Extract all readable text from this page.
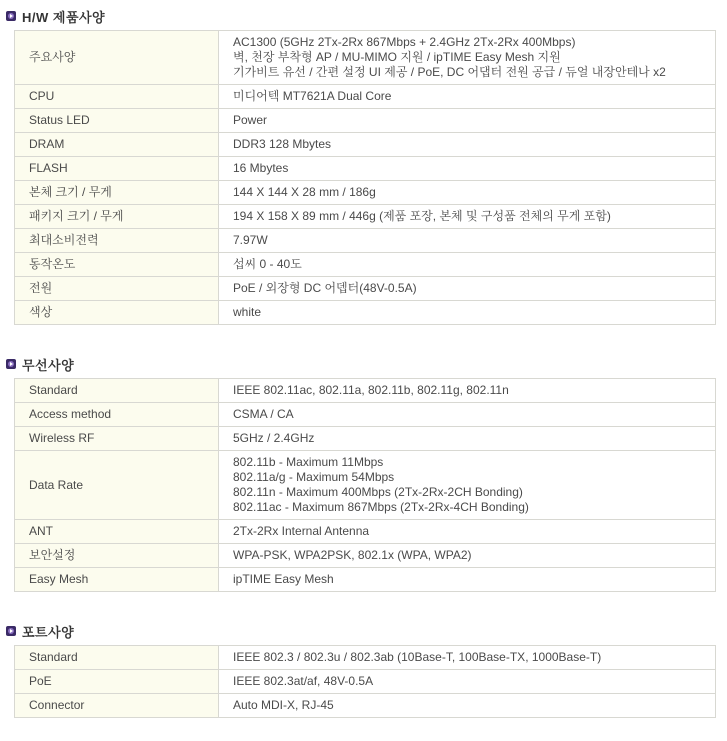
H/W 제품사양
주요사양	AC1300 (5GHz 2Tx-2Rx 867Mbps + 2.4GHz 2Tx-2Rx 400Mbps)
벽, 천장 부착형 AP / MU-MIMO 지원 / ipTIME Easy Mesh 지원
기가비트 유선 / 간편 설정 UI 제공 / PoE, DC 어댑터 전원 공급 / 듀얼 내장안테나 x2

CPU	미디어텍 MT7621A Dual Core

Status LED	Power

DRAM	DDR3 128 Mbytes

FLASH	16 Mbytes

본체 크기 / 무게	144 X 144 X 28 mm / 186g

패키지 크기 / 무게	194 X 158 X 89 mm / 446g (제품 포장, 본체 및 구성품 전체의 무게 포함)

최대소비전력	7.97W

동작온도	섭씨 0 - 40도

전원	PoE / 외장형 DC 어뎁터(48V-0.5A)

색상	white
무선사양
Standard	IEEE 802.11ac, 802.11a, 802.11b, 802.11g, 802.11n

Access method	CSMA / CA

Wireless RF	5GHz / 2.4GHz

Data Rate	802.11b - Maximum 11Mbps
802.11a/g - Maximum 54Mbps
802.11n - Maximum 400Mbps (2Tx-2Rx-2CH Bonding)
802.11ac - Maximum 867Mbps (2Tx-2Rx-4CH Bonding)

ANT	2Tx-2Rx Internal Antenna

보안설정	WPA-PSK, WPA2PSK, 802.1x (WPA, WPA2)

Easy Mesh	ipTIME Easy Mesh
포트사양
Standard	IEEE 802.3 / 802.3u / 802.3ab (10Base-T, 100Base-TX, 1000Base-T)

PoE	IEEE 802.3at/af, 48V-0.5A

Connector	Auto MDI-X, RJ-45
